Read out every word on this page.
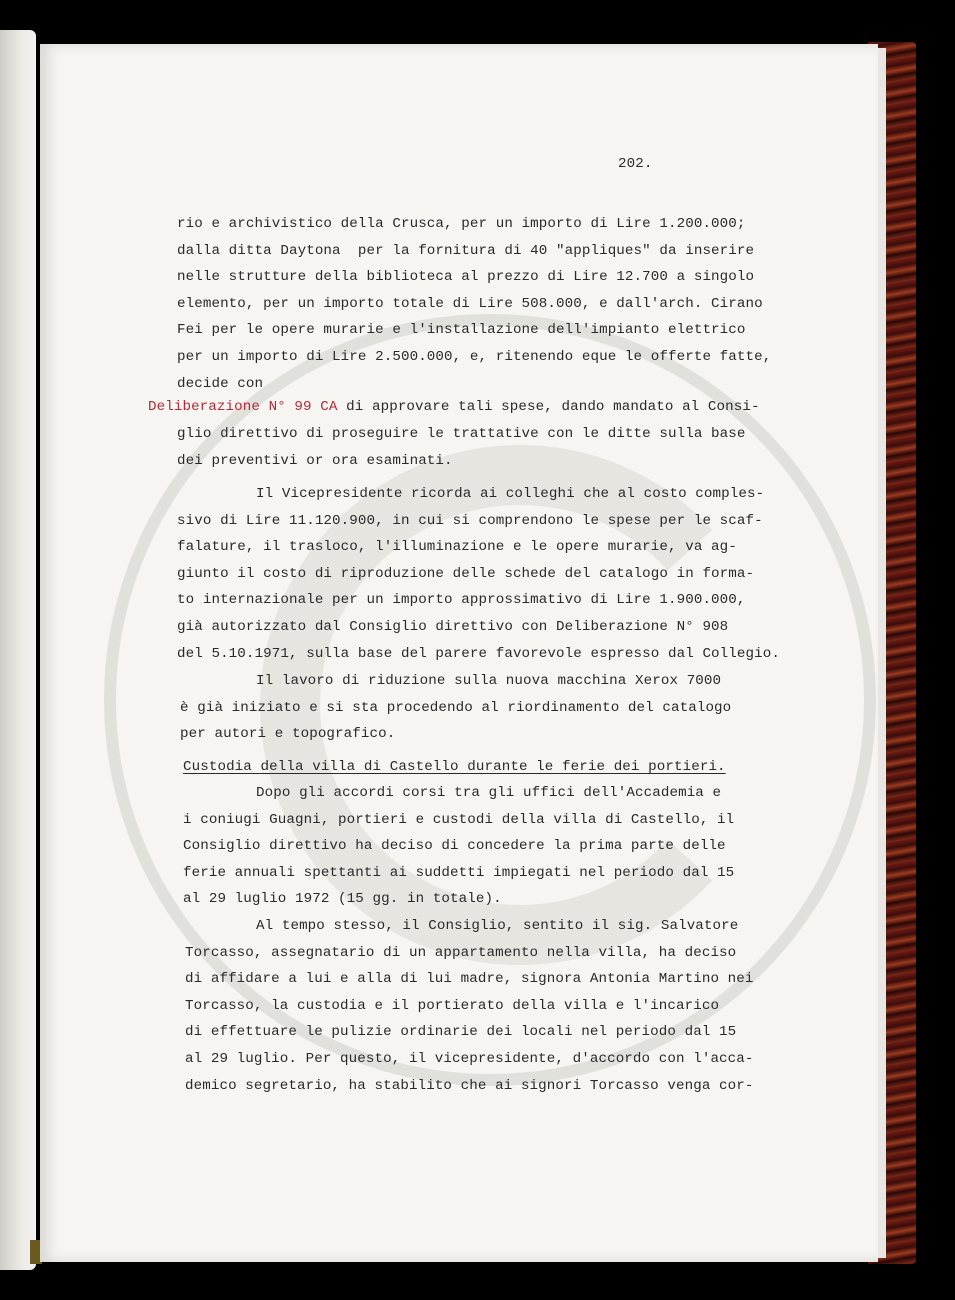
202.
rio e archivistico della Crusca, per un importo di Lire 1.200.000;
dalla ditta Daytona  per la fornitura di 40 "appliques" da inserire
nelle strutture della biblioteca al prezzo di Lire 12.700 a singolo
elemento, per un importo totale di Lire 508.000, e dall'arch. Cirano
Fei per le opere murarie e l'installazione dell'impianto elettrico
per un importo di Lire 2.500.000, e, ritenendo eque le offerte fatte,
decide con
Deliberazione N° 99 CA di approvare tali spese, dando mandato al Consi-
glio direttivo di proseguire le trattative con le ditte sulla base
dei preventivi or ora esaminati.
Il Vicepresidente ricorda ai colleghi che al costo comples-
sivo di Lire 11.120.900, in cui si comprendono le spese per le scaf-
falature, il trasloco, l'illuminazione e le opere murarie, va ag-
giunto il costo di riproduzione delle schede del catalogo in forma-
to internazionale per un importo approssimativo di Lire 1.900.000,
già autorizzato dal Consiglio direttivo con Deliberazione N° 908
del 5.10.1971, sulla base del parere favorevole espresso dal Collegio.
Il lavoro di riduzione sulla nuova macchina Xerox 7000
è già iniziato e si sta procedendo al riordinamento del catalogo
per autori e topografico.
Custodia della villa di Castello durante le ferie dei portieri.
Dopo gli accordi corsi tra gli uffici dell'Accademia e
i coniugi Guagni, portieri e custodi della villa di Castello, il
Consiglio direttivo ha deciso di concedere la prima parte delle
ferie annuali spettanti ai suddetti impiegati nel periodo dal 15
al 29 luglio 1972 (15 gg. in totale).
Al tempo stesso, il Consiglio, sentito il sig. Salvatore
Torcasso, assegnatario di un appartamento nella villa, ha deciso
di affidare a lui e alla di lui madre, signora Antonia Martino nei
Torcasso, la custodia e il portierato della villa e l'incarico
di effettuare le pulizie ordinarie dei locali nel periodo dal 15
al 29 luglio. Per questo, il vicepresidente, d'accordo con l'acca-
demico segretario, ha stabilito che ai signori Torcasso venga cor-
